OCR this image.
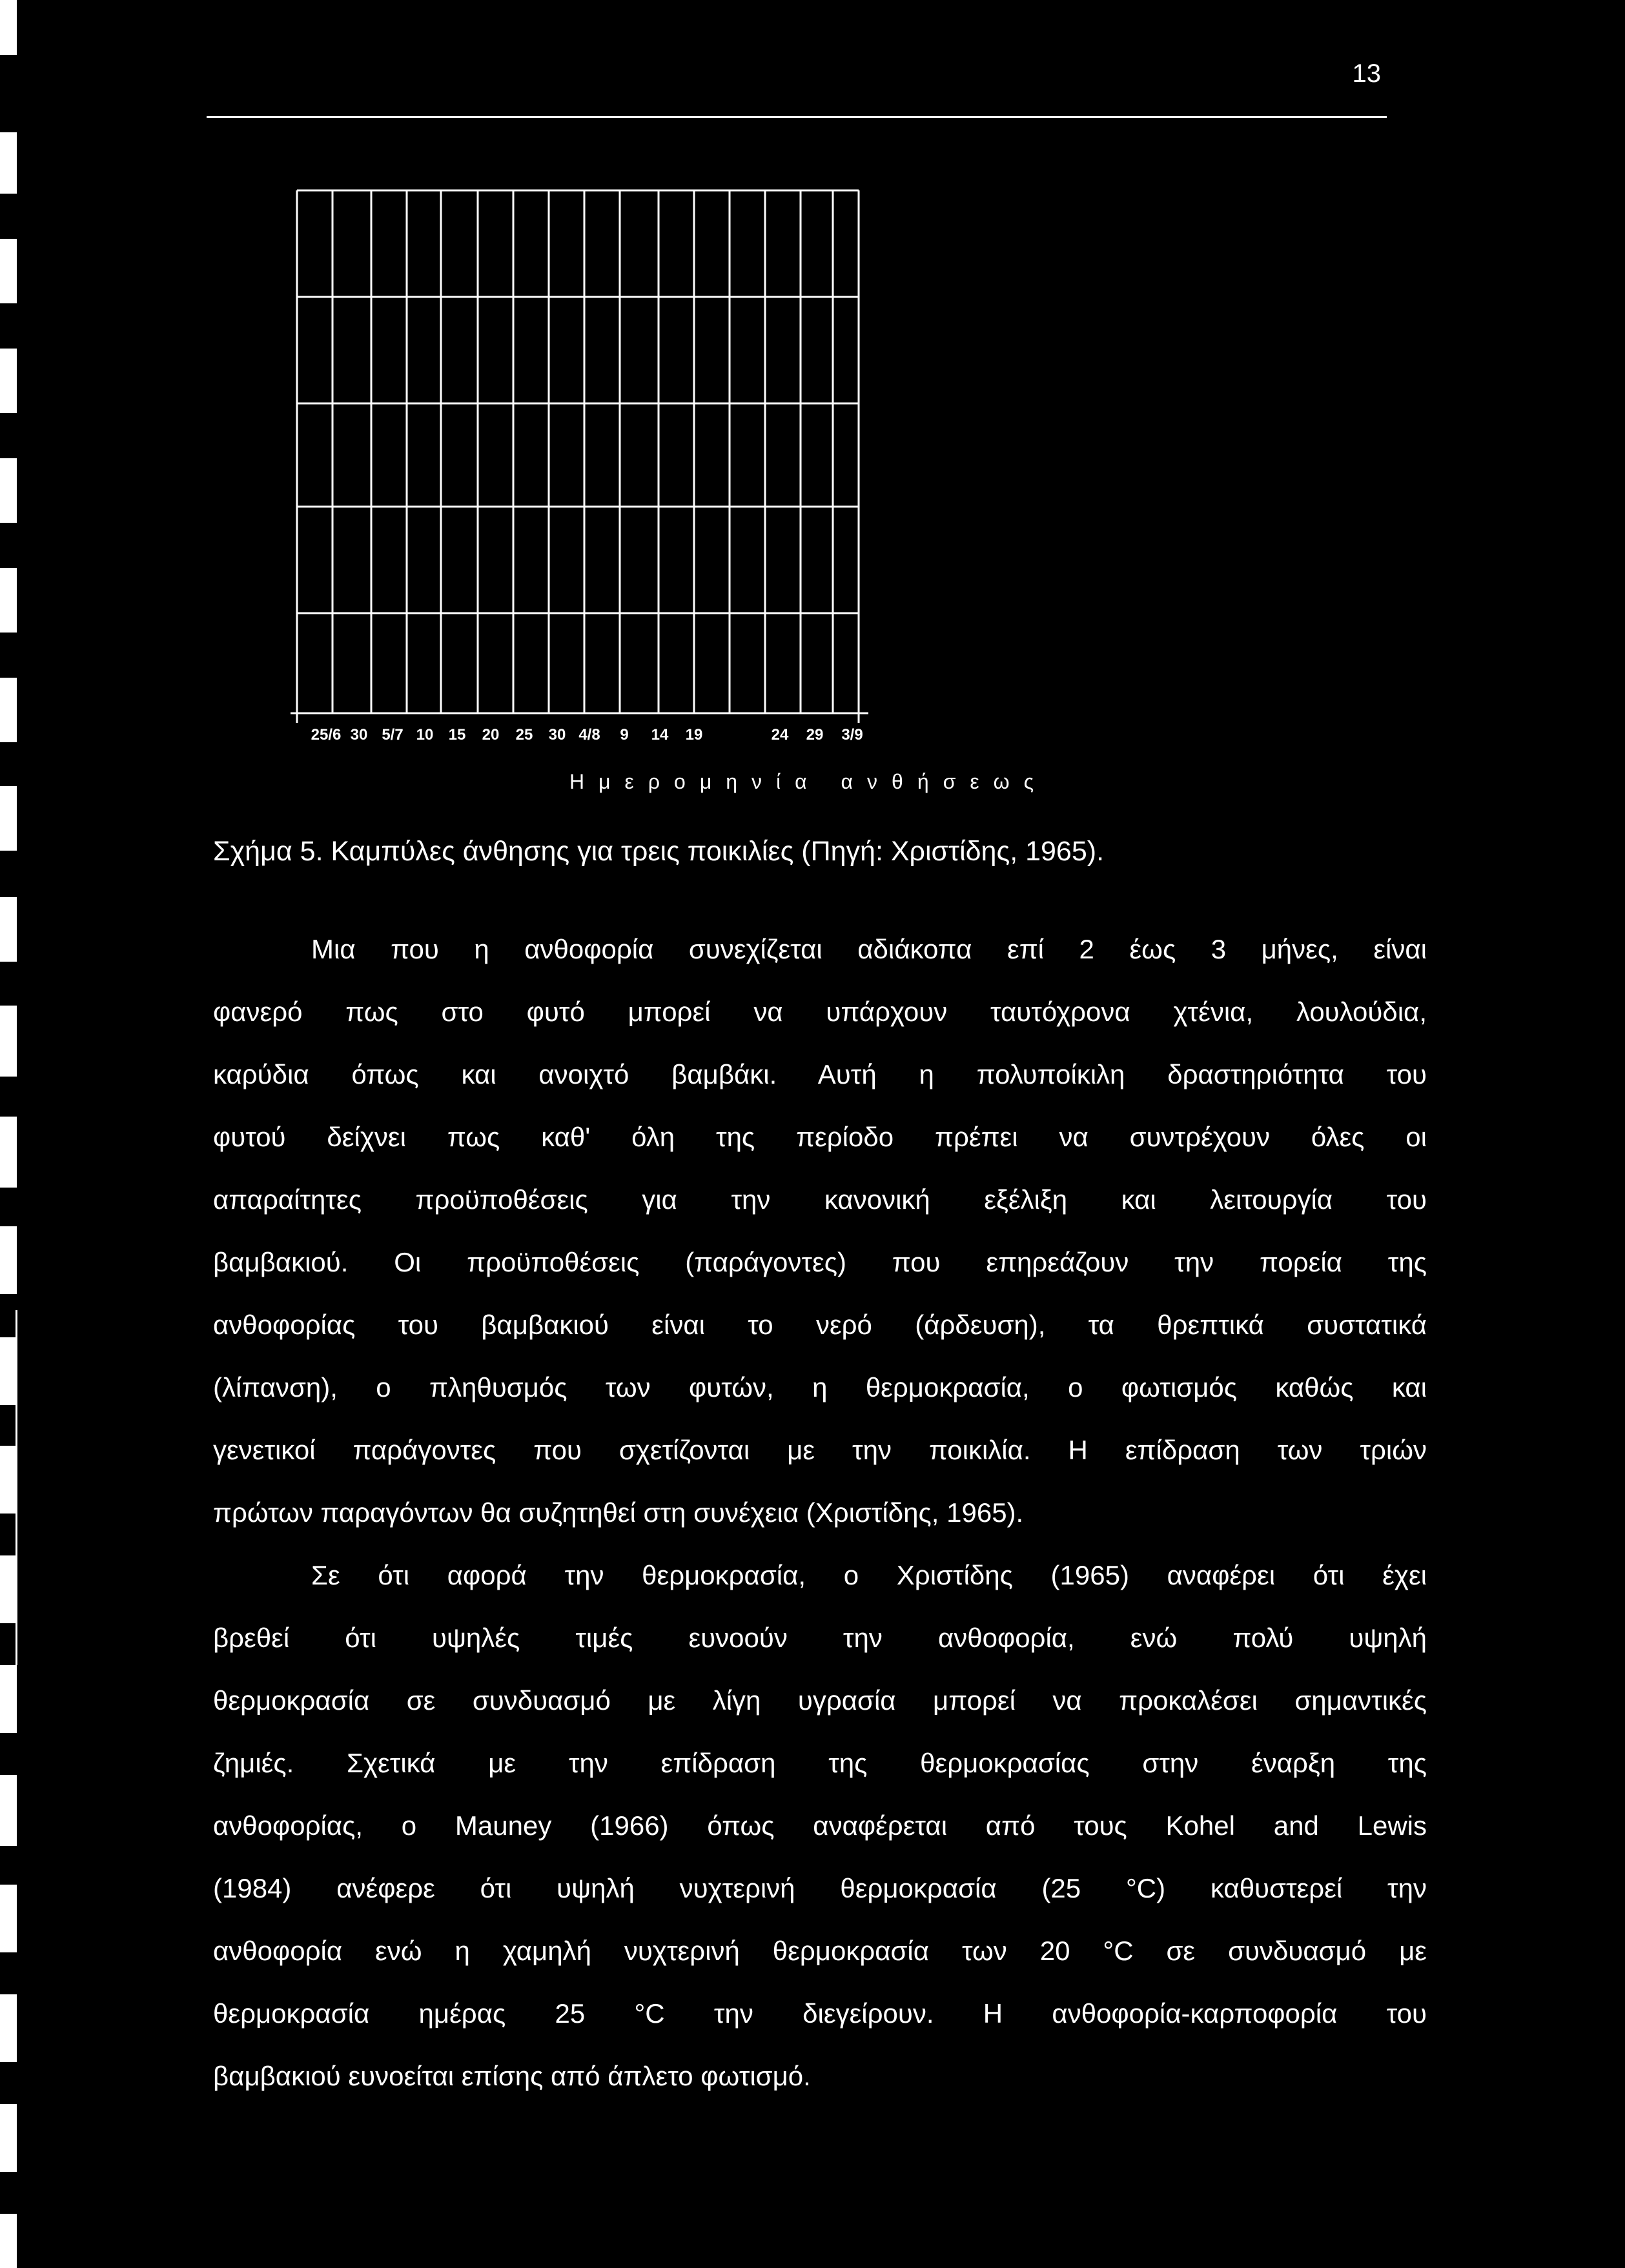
13
25/6 30 5/7 10 15 20 25 30 4/8 9 14 19	24 29 3/9
Ημερομηνία ανθήσεως
Σχήμα 5. Καμπύλες άνθησης για τρεις ποικιλίες (Πηγή: Χριστίδης, 1965).
Μια που η ανθοφορία συνεχίζεται αδιάκοπα επί 2 έως 3 μήνες, είναι
φανερό πως στο φυτό μπορεί να υπάρχουν ταυτόχρονα χτένια, λουλούδια,
καρύδια όπως και ανοιχτό βαμβάκι. Αυτή η πολυποίκιλη δραστηριότητα του
φυτού δείχνει πως καθ' όλη της περίοδο πρέπει να συντρέχουν όλες οι
απαραίτητες προϋποθέσεις για την κανονική εξέλιξη και λειτουργία του
βαμβακιού. Οι προϋποθέσεις (παράγοντες) που επηρεάζουν την πορεία της
ανθοφορίας του βαμβακιού είναι το νερό (άρδευση), τα θρεπτικά συστατικά
(λίπανση), ο πληθυσμός των φυτών, η θερμοκρασία, ο φωτισμός καθώς και
γενετικοί παράγοντες που σχετίζονται με την ποικιλία. Η επίδραση των τριών
πρώτων παραγόντων θα συζητηθεί στη συνέχεια (Χριστίδης, 1965).
Σε ότι αφορά την θερμοκρασία, ο Χριστίδης (1965) αναφέρει ότι έχει
βρεθεί ότι υψηλές τιμές ευνοούν την ανθοφορία, ενώ πολύ υψηλή
θερμοκρασία σε συνδυασμό με λίγη υγρασία μπορεί να προκαλέσει σημαντικές
ζημιές. Σχετικά με την επίδραση της θερμοκρασίας στην έναρξη της
ανθοφορίας, ο Mauney (1966) όπως αναφέρεται από τους Kohel and Lewis
(1984) ανέφερε ότι υψηλή νυχτερινή θερμοκρασία (25 °C) καθυστερεί την
ανθοφορία ενώ η χαμηλή νυχτερινή θερμοκρασία των 20 °C σε συνδυασμό με
θερμοκρασία ημέρας 25 °C την διεγείρουν. Η ανθοφορία-καρποφορία του
βαμβακιού ευνοείται επίσης από άπλετο φωτισμό.
